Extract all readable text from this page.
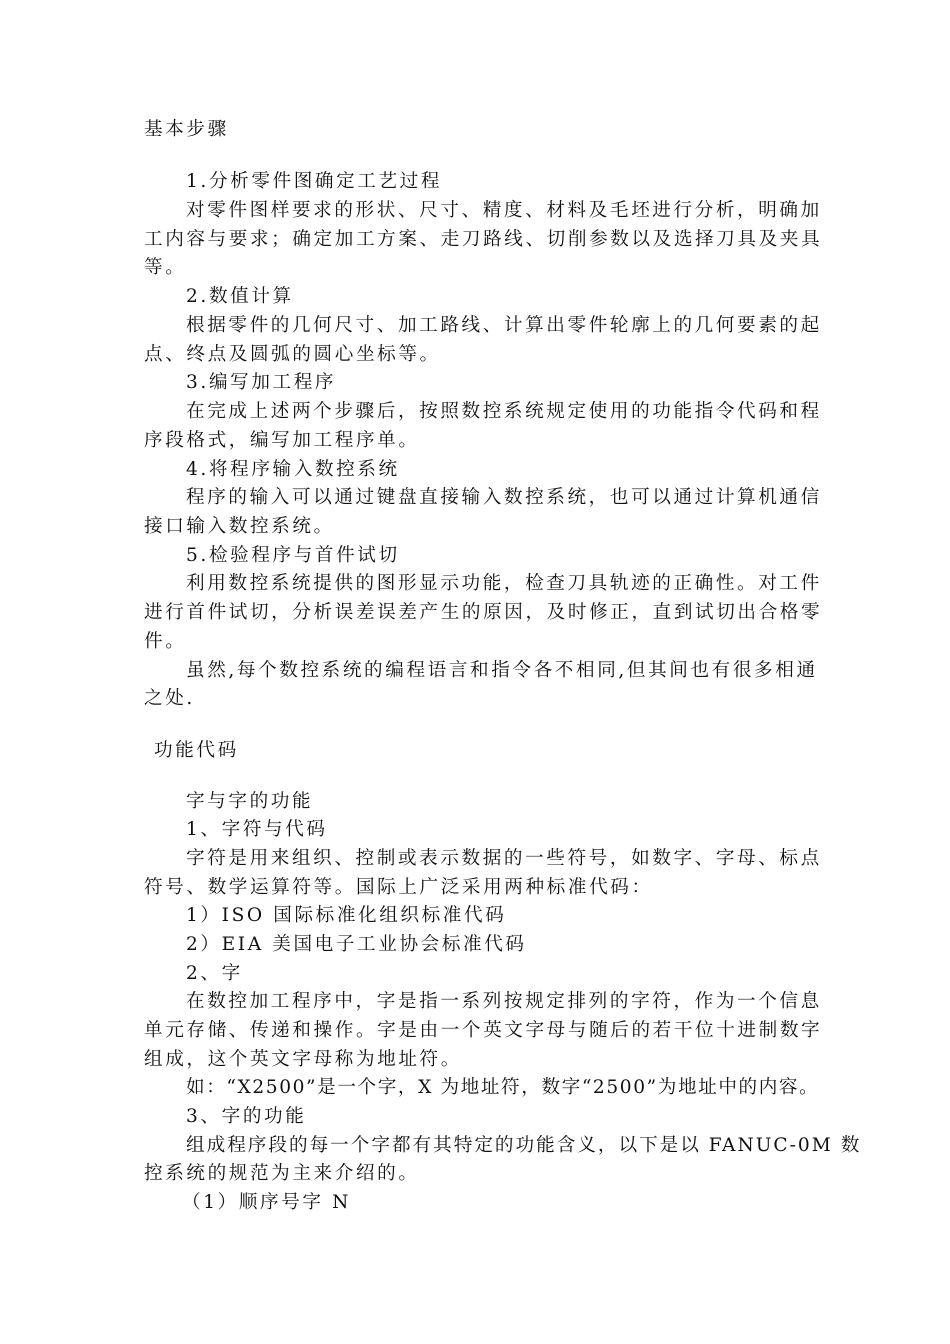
基本步骤
1.分析零件图确定工艺过程
对零件图样要求的形状、尺寸、精度、材料及毛坯进行分析，明确加
工内容与要求；确定加工方案、走刀路线、切削参数以及选择刀具及夹具
等。
2.数值计算
根据零件的几何尺寸、加工路线、计算出零件轮廓上的几何要素的起
点、终点及圆弧的圆心坐标等。
3.编写加工程序
在完成上述两个步骤后，按照数控系统规定使用的功能指令代码和程
序段格式，编写加工程序单。
4.将程序输入数控系统
程序的输入可以通过键盘直接输入数控系统，也可以通过计算机通信
接口输入数控系统。
5.检验程序与首件试切
利用数控系统提供的图形显示功能，检查刀具轨迹的正确性。对工件
进行首件试切，分析误差误差产生的原因，及时修正，直到试切出合格零
件。
虽然,每个数控系统的编程语言和指令各不相同,但其间也有很多相通
之处.
功能代码
字与字的功能
1、字符与代码
字符是用来组织、控制或表示数据的一些符号，如数字、字母、标点
符号、数学运算符等。国际上广泛采用两种标准代码：
1）ISO 国际标准化组织标准代码
2）EIA 美国电子工业协会标准代码
2、字
在数控加工程序中，字是指一系列按规定排列的字符，作为一个信息
单元存储、传递和操作。字是由一个英文字母与随后的若干位十进制数字
组成，这个英文字母称为地址符。
如：“X2500”是一个字，X 为地址符，数字“2500”为地址中的内容。
3、字的功能
组成程序段的每一个字都有其特定的功能含义，以下是以 FANUC-0M 数
控系统的规范为主来介绍的。
（1）顺序号字 N
